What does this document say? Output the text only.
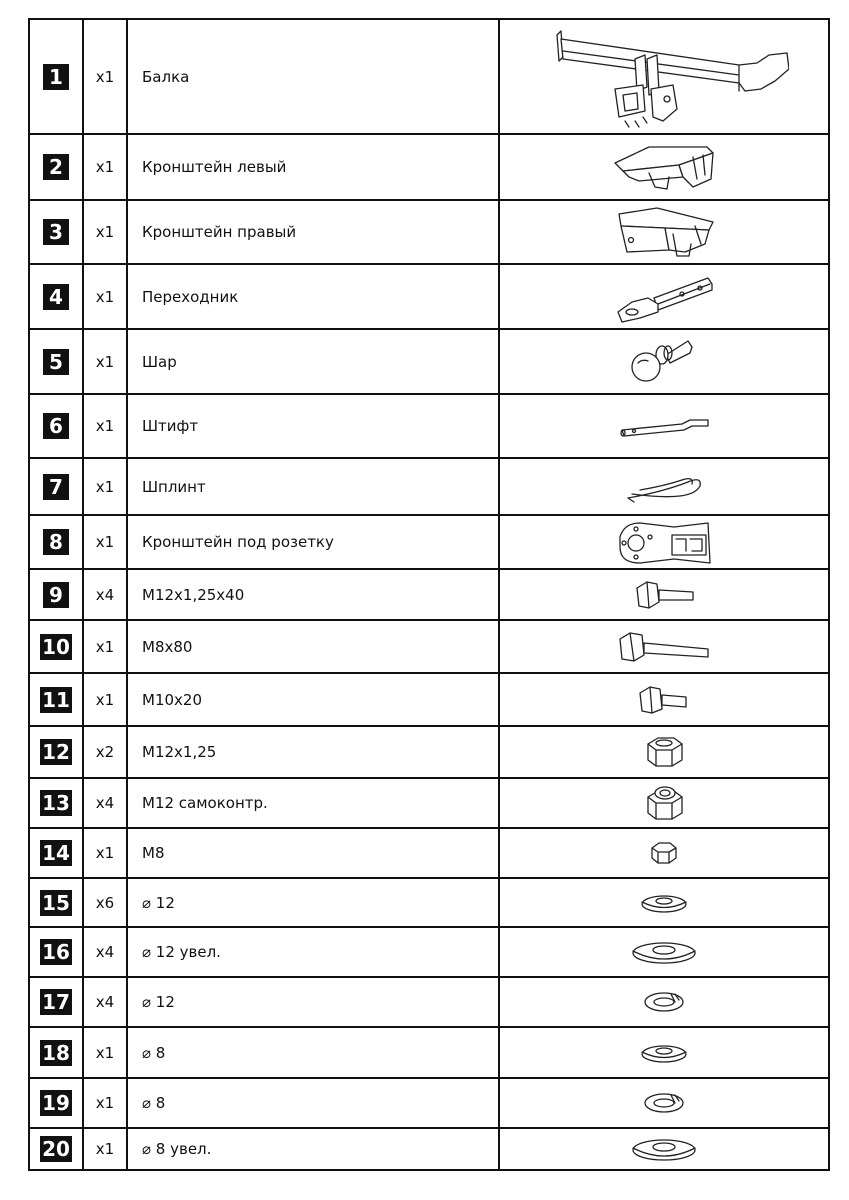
1	x1 Балка
2	x1 Кронштейн левый
3	x1 Кронштейн правый
4	x1 Переходник
5	x1 Шар
6	x1 Штифт
7	x1 Шплинт
8	x1 Кронштейн под розетку
9	x4 M12x1,25x40
10 x1 M8x80
11 x1 M10x20
12 x2 M12x1,25
13 x4 M12 самоконтр.
14 x1 M8
15 x6 ⌀ 12
16 x4 ⌀ 12 увел.
17 x4 ⌀ 12
18 x1 ⌀ 8
19 x1 ⌀ 8
20 x1 ⌀ 8 увел.
